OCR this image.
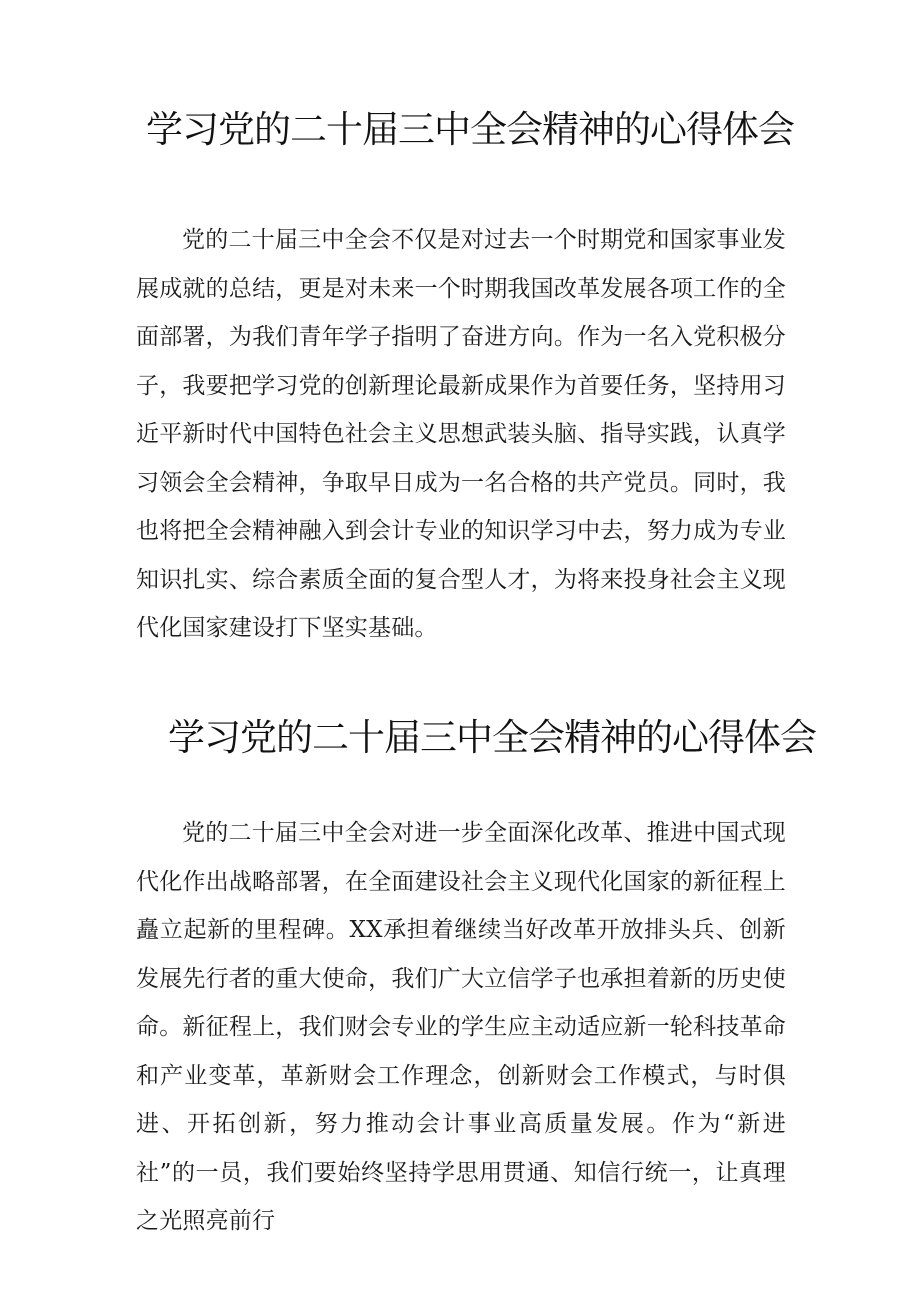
学习党的二十届三中全会精神的心得体会

党的二十届三中全会不仅是对过去一个时期党和国家事业发展成就的总结，更是对未来一个时期我国改革发展各项工作的全面部署，为我们青年学子指明了奋进方向。作为一名入党积极分子，我要把学习党的创新理论最新成果作为首要任务，坚持用习近平新时代中国特色社会主义思想武装头脑、指导实践，认真学习领会全会精神，争取早日成为一名合格的共产党员。同时，我也将把全会精神融入到会计专业的知识学习中去，努力成为专业知识扎实、综合素质全面的复合型人才，为将来投身社会主义现代化国家建设打下坚实基础。

学习党的二十届三中全会精神的心得体会

党的二十届三中全会对进一步全面深化改革、推进中国式现代化作出战略部署，在全面建设社会主义现代化国家的新征程上矗立起新的里程碑。XX承担着继续当好改革开放排头兵、创新发展先行者的重大使命，我们广大立信学子也承担着新的历史使命。新征程上，我们财会专业的学生应主动适应新一轮科技革命和产业变革，革新财会工作理念，创新财会工作模式，与时俱进、开拓创新，努力推动会计事业高质量发展。作为“新进社”的一员，我们要始终坚持学思用贯通、知信行统一，让真理之光照亮前行
